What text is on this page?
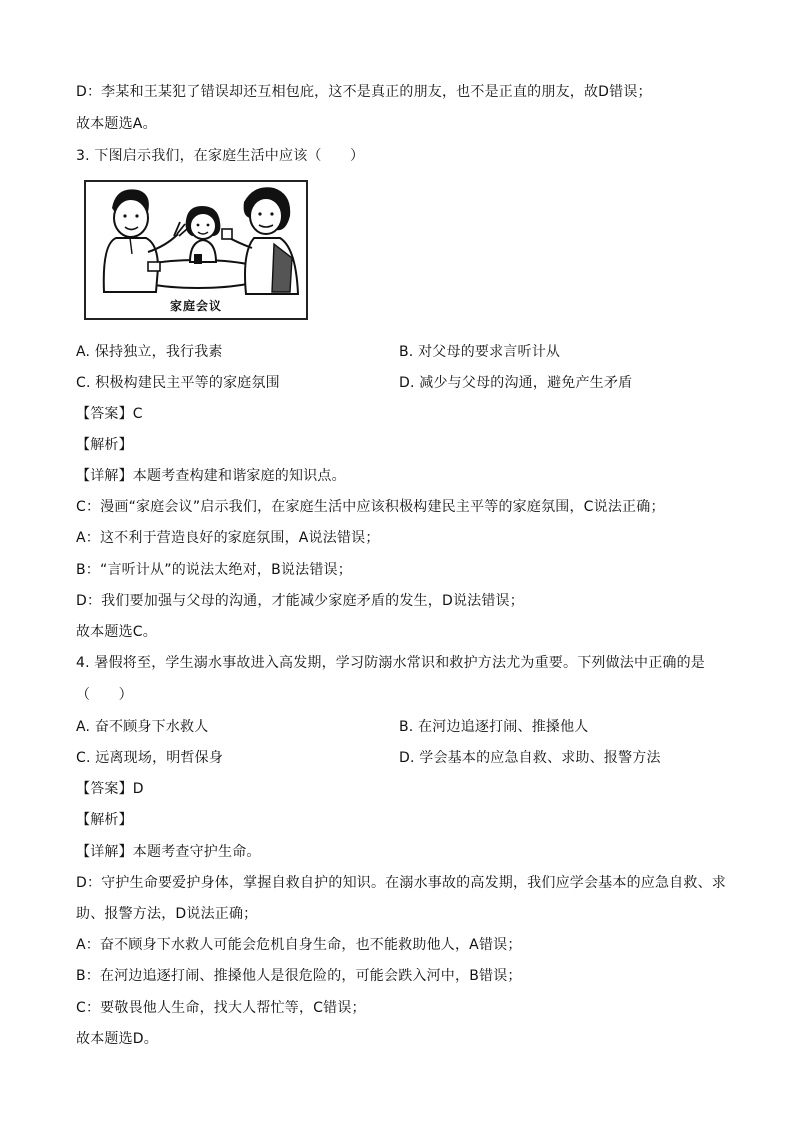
D：李某和王某犯了错误却还互相包庇，这不是真正的朋友，也不是正直的朋友，故D错误；
故本题选A。
3. 下图启示我们，在家庭生活中应该（　　）
家庭会议
A. 保持独立，我行我素	B. 对父母的要求言听计从
C. 积极构建民主平等的家庭氛围	D. 减少与父母的沟通，避免产生矛盾
【答案】C
【解析】
【详解】本题考查构建和谐家庭的知识点。
C：漫画“家庭会议”启示我们，在家庭生活中应该积极构建民主平等的家庭氛围，C说法正确；
A：这不利于营造良好的家庭氛围，A说法错误；
B：“言听计从”的说法太绝对，B说法错误；
D：我们要加强与父母的沟通，才能减少家庭矛盾的发生，D说法错误；
故本题选C。
4. 暑假将至，学生溺水事故进入高发期，学习防溺水常识和救护方法尤为重要。下列做法中正确的是
（　　）
A. 奋不顾身下水救人	B. 在河边追逐打闹、推搡他人
C. 远离现场，明哲保身	D. 学会基本的应急自救、求助、报警方法
【答案】D
【解析】
【详解】本题考查守护生命。
D：守护生命要爱护身体，掌握自救自护的知识。在溺水事故的高发期，我们应学会基本的应急自救、求
助、报警方法，D说法正确；
A：奋不顾身下水救人可能会危机自身生命，也不能救助他人，A错误；
B：在河边追逐打闹、推搡他人是很危险的，可能会跌入河中，B错误；
C：要敬畏他人生命，找大人帮忙等，C错误；
故本题选D。
